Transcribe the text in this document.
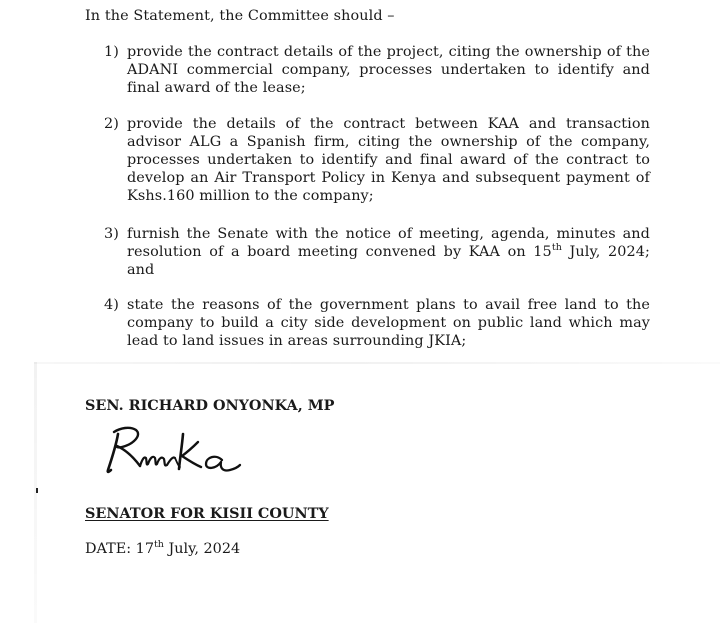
In the Statement, the Committee should –
1) provide the contract details of the project, citing the ownership of the ADANI commercial company, processes undertaken to identify and final award of the lease;
2) provide the details of the contract between KAA and transaction advisor ALG a Spanish firm, citing the ownership of the company, processes undertaken to identify and final award of the contract to develop an Air Transport Policy in Kenya and subsequent payment of Kshs.160 million to the company;
3) furnish the Senate with the notice of meeting, agenda, minutes and resolution of a board meeting convened by KAA on 15th July, 2024; and
4) state the reasons of the government plans to avail free land to the company to build a city side development on public land which may lead to land issues in areas surrounding JKIA;
SEN. RICHARD ONYONKA, MP
SENATOR FOR KISII COUNTY
DATE: 17th July, 2024
